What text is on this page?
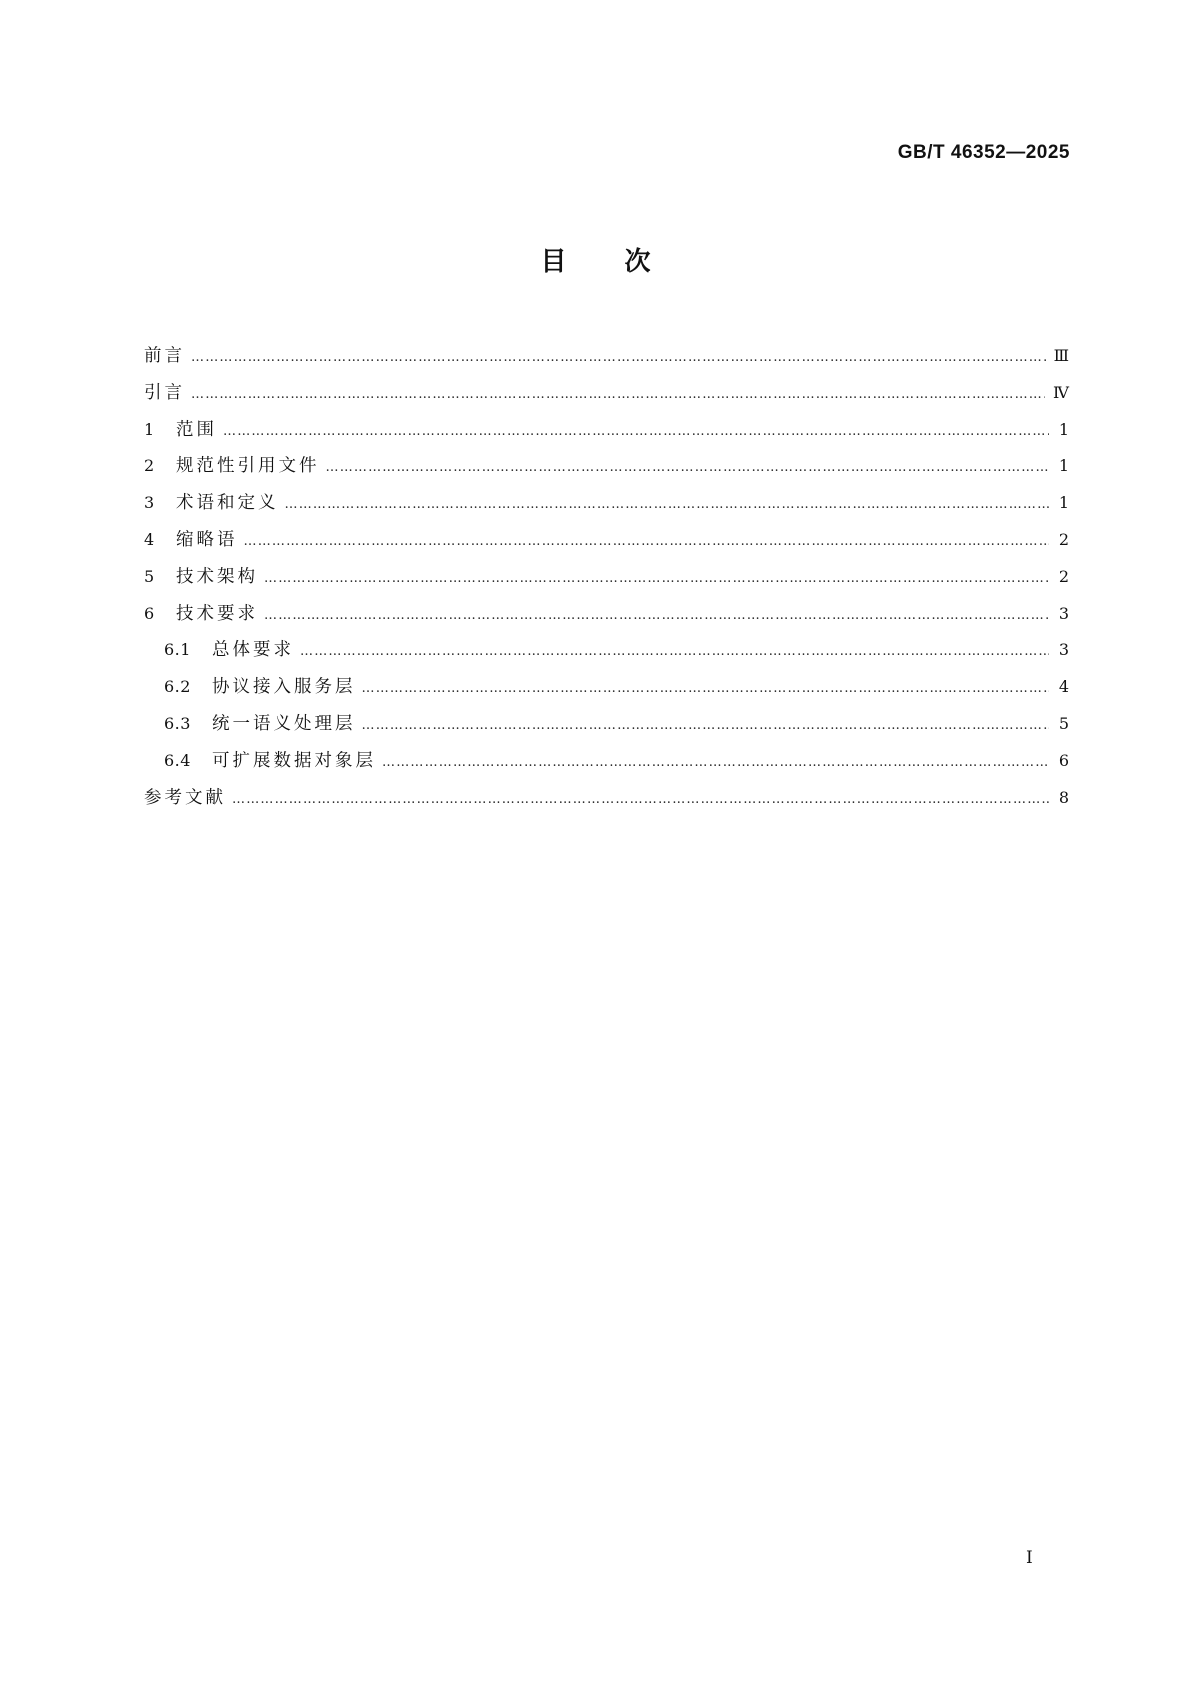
GB/T 46352—2025
目次
前言 ………………………………………………………………………………………………………………………………………………………………………………………………………………………………………………………………	Ⅲ
引言 ………………………………………………………………………………………………………………………………………………………………………………………………………………………………………………………………	Ⅳ
1	范围 ………………………………………………………………………………………………………………………………………………………………………………………………………………………………………………………………	1
2	规范性引用文件 ………………………………………………………………………………………………………………………………………………………………………………………………………………………………………………………………	1
3	术语和定义 ………………………………………………………………………………………………………………………………………………………………………………………………………………………………………………………………	1
4	缩略语 ………………………………………………………………………………………………………………………………………………………………………………………………………………………………………………………………	2
5	技术架构 ………………………………………………………………………………………………………………………………………………………………………………………………………………………………………………………………	2
6	技术要求 ………………………………………………………………………………………………………………………………………………………………………………………………………………………………………………………………	3
6.1	总体要求 ………………………………………………………………………………………………………………………………………………………………………………………………………………………………………………………………	3
6.2	协议接入服务层 ………………………………………………………………………………………………………………………………………………………………………………………………………………………………………………………………	4
6.3	统一语义处理层 ………………………………………………………………………………………………………………………………………………………………………………………………………………………………………………………………	5
6.4	可扩展数据对象层 ………………………………………………………………………………………………………………………………………………………………………………………………………………………………………………………………	6
参考文献 ………………………………………………………………………………………………………………………………………………………………………………………………………………………………………………………………	8
Ⅰ
